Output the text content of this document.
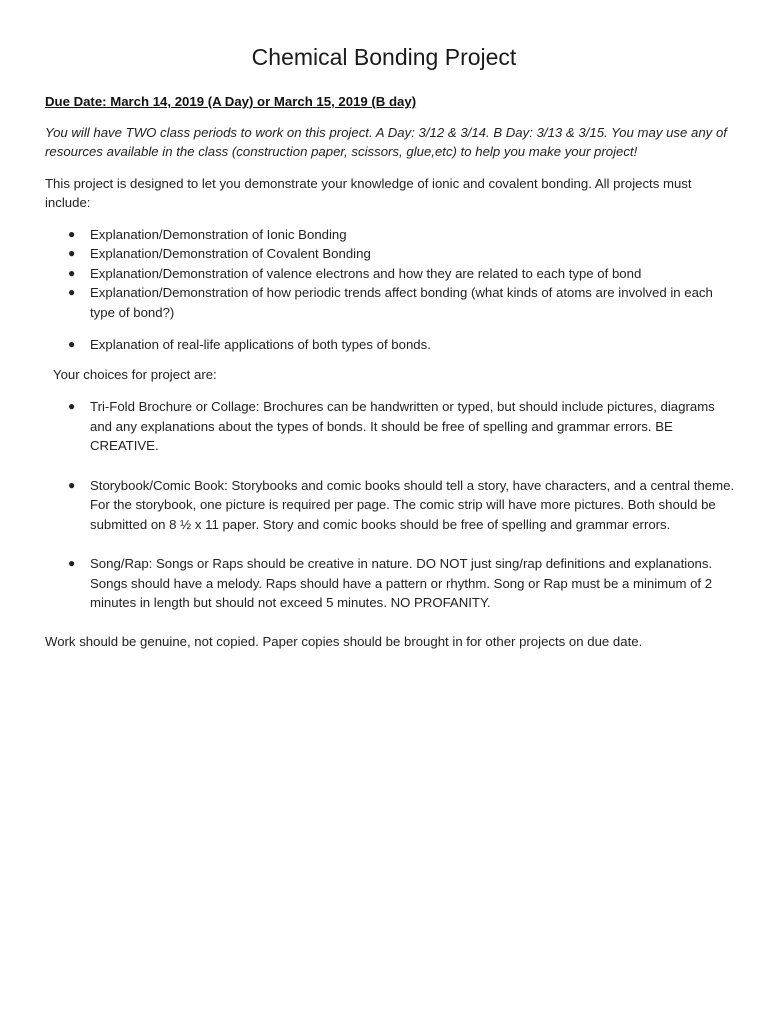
Chemical Bonding Project

Due Date: March 14, 2019 (A Day) or March 15, 2019 (B day)

You will have TWO class periods to work on this project. A Day: 3/12 & 3/14. B Day: 3/13 & 3/15. You may use any of resources available in the class (construction paper, scissors, glue,etc) to help you make your project!

This project is designed to let you demonstrate your knowledge of ionic and covalent bonding. All projects must include:

● Explanation/Demonstration of Ionic Bonding
● Explanation/Demonstration of Covalent Bonding
● Explanation/Demonstration of valence electrons and how they are related to each type of bond
● Explanation/Demonstration of how periodic trends affect bonding (what kinds of atoms are involved in each type of bond?)
● Explanation of real-life applications of both types of bonds.

Your choices for project are:

● Tri-Fold Brochure or Collage: Brochures can be handwritten or typed, but should include pictures, diagrams and any explanations about the types of bonds. It should be free of spelling and grammar errors. BE CREATIVE.
● Storybook/Comic Book: Storybooks and comic books should tell a story, have characters, and a central theme. For the storybook, one picture is required per page. The comic strip will have more pictures. Both should be submitted on 8 ½ x 11 paper. Story and comic books should be free of spelling and grammar errors.
● Song/Rap: Songs or Raps should be creative in nature. DO NOT just sing/rap definitions and explanations. Songs should have a melody. Raps should have a pattern or rhythm. Song or Rap must be a minimum of 2 minutes in length but should not exceed 5 minutes. NO PROFANITY.

Work should be genuine, not copied. Paper copies should be brought in for other projects on due date.
